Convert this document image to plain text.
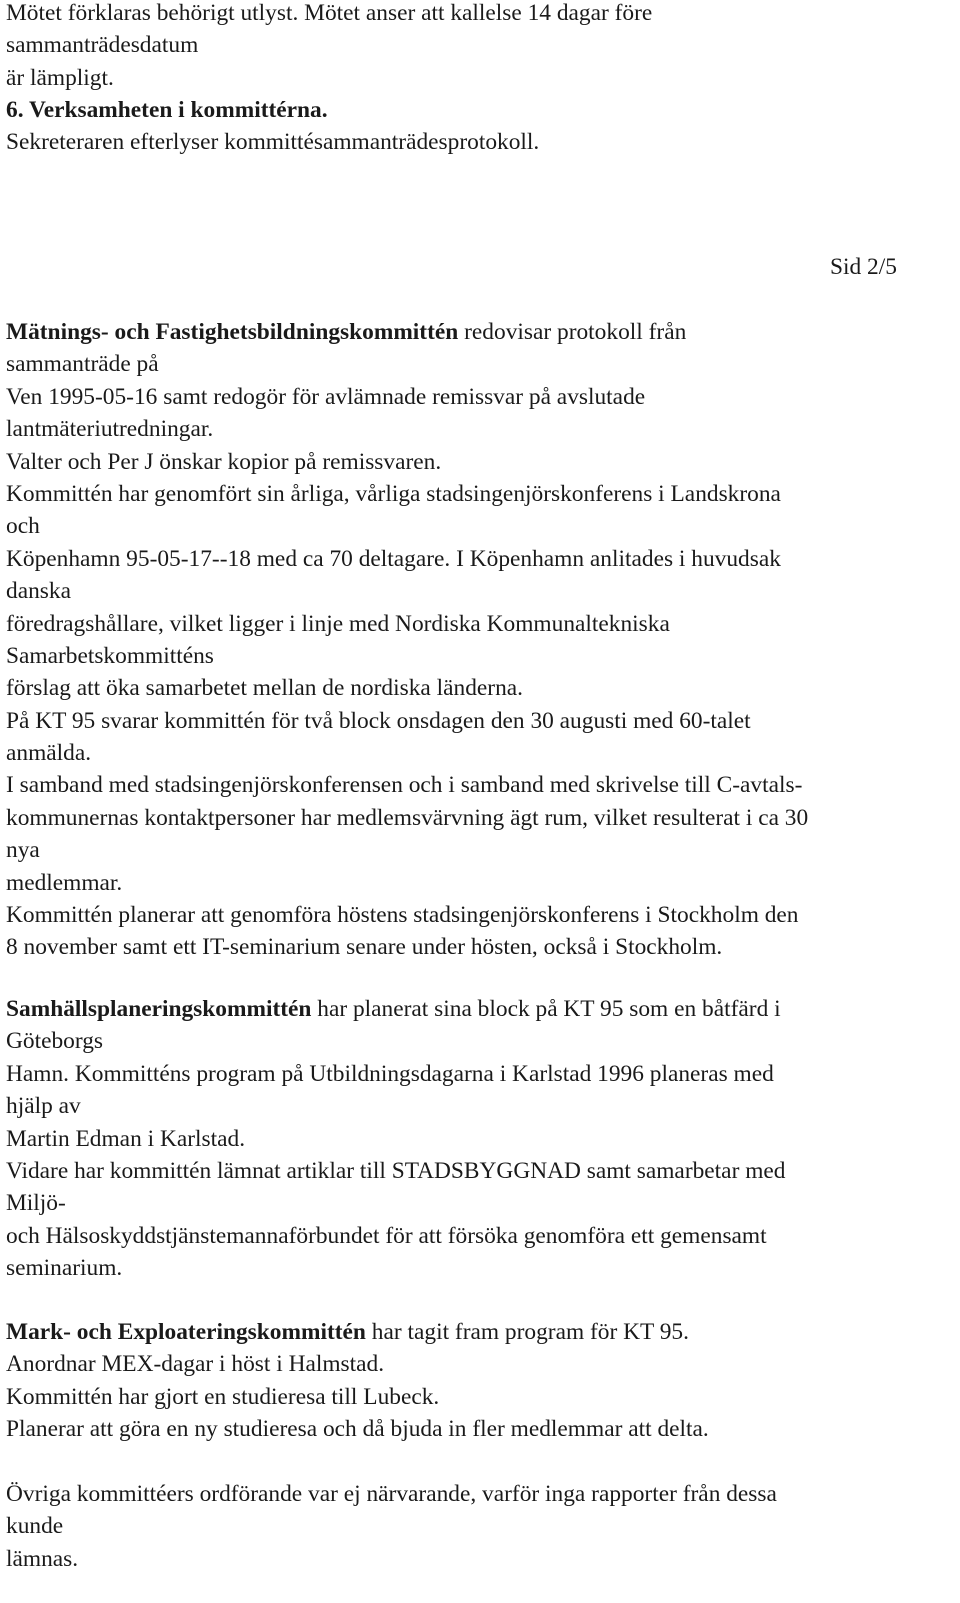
Mötet förklaras behörigt utlyst. Mötet anser att kallelse 14 dagar före
sammanträdesdatum
är lämpligt.
6. Verksamheten i kommittérna.
Sekreteraren efterlyser kommittésammanträdesprotokoll.
Sid 2/5
Mätnings- och Fastighetsbildningskommittén redovisar protokoll från
sammanträde på
Ven 1995-05-16 samt redogör för avlämnade remissvar på avslutade
lantmäteriutredningar.
Valter och Per J önskar kopior på remissvaren.
Kommittén har genomfört sin årliga, vårliga stadsingenjörskonferens i Landskrona
och
Köpenhamn 95-05-17--18 med ca 70 deltagare. I Köpenhamn anlitades i huvudsak
danska
föredragshållare, vilket ligger i linje med Nordiska Kommunaltekniska
Samarbetskommitténs
förslag att öka samarbetet mellan de nordiska länderna.
På KT 95 svarar kommittén för två block onsdagen den 30 augusti med 60-talet
anmälda.
I samband med stadsingenjörskonferensen och i samband med skrivelse till C-avtals-
kommunernas kontaktpersoner har medlemsvärvning ägt rum, vilket resulterat i ca 30
nya
medlemmar.
Kommittén planerar att genomföra höstens stadsingenjörskonferens i Stockholm den
8 november samt ett IT-seminarium senare under hösten, också i Stockholm.
Samhällsplaneringskommittén har planerat sina block på KT 95 som en båtfärd i
Göteborgs
Hamn. Kommitténs program på Utbildningsdagarna i Karlstad 1996 planeras med
hjälp av
Martin Edman i Karlstad.
Vidare har kommittén lämnat artiklar till STADSBYGGNAD samt samarbetar med
Miljö-
och Hälsoskyddstjänstemannaförbundet för att försöka genomföra ett gemensamt
seminarium.
Mark- och Exploateringskommittén har tagit fram program för KT 95.
Anordnar MEX-dagar i höst i Halmstad.
Kommittén har gjort en studieresa till Lubeck.
Planerar att göra en ny studieresa och då bjuda in fler medlemmar att delta.
Övriga kommittéers ordförande var ej närvarande, varför inga rapporter från dessa
kunde
lämnas.
